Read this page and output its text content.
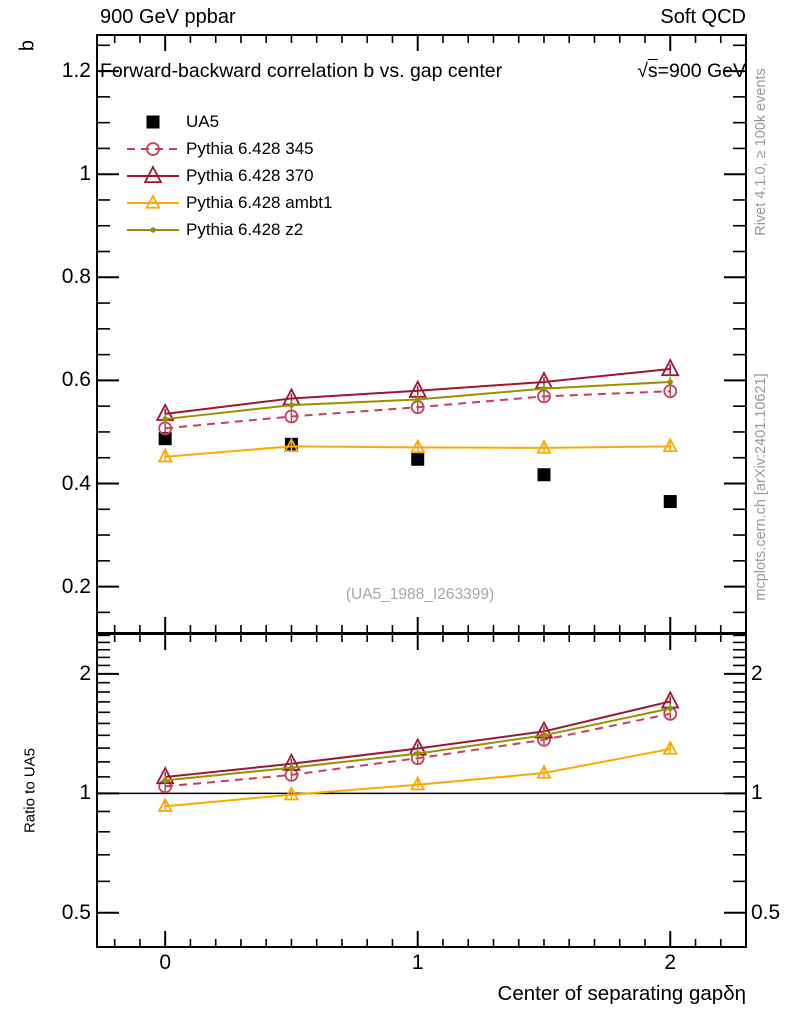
900 GeV ppbar	Soft QCD
Forward-backward correlation b vs. gap center	√s=900 GeV
b
Ratio to UA5
Center of separating gapδη
Rivet 4.1.0, ≥ 100k events
mcplots.cern.ch [arXiv:2401.10621]
(UA5_1988_I263399)
1.2
1
0.8
0.6
0.4
0.2
2	2
1	1
0.5	0.5
0	1	2
UA5
Pythia 6.428 345
Pythia 6.428 370
Pythia 6.428 ambt1
Pythia 6.428 z2
